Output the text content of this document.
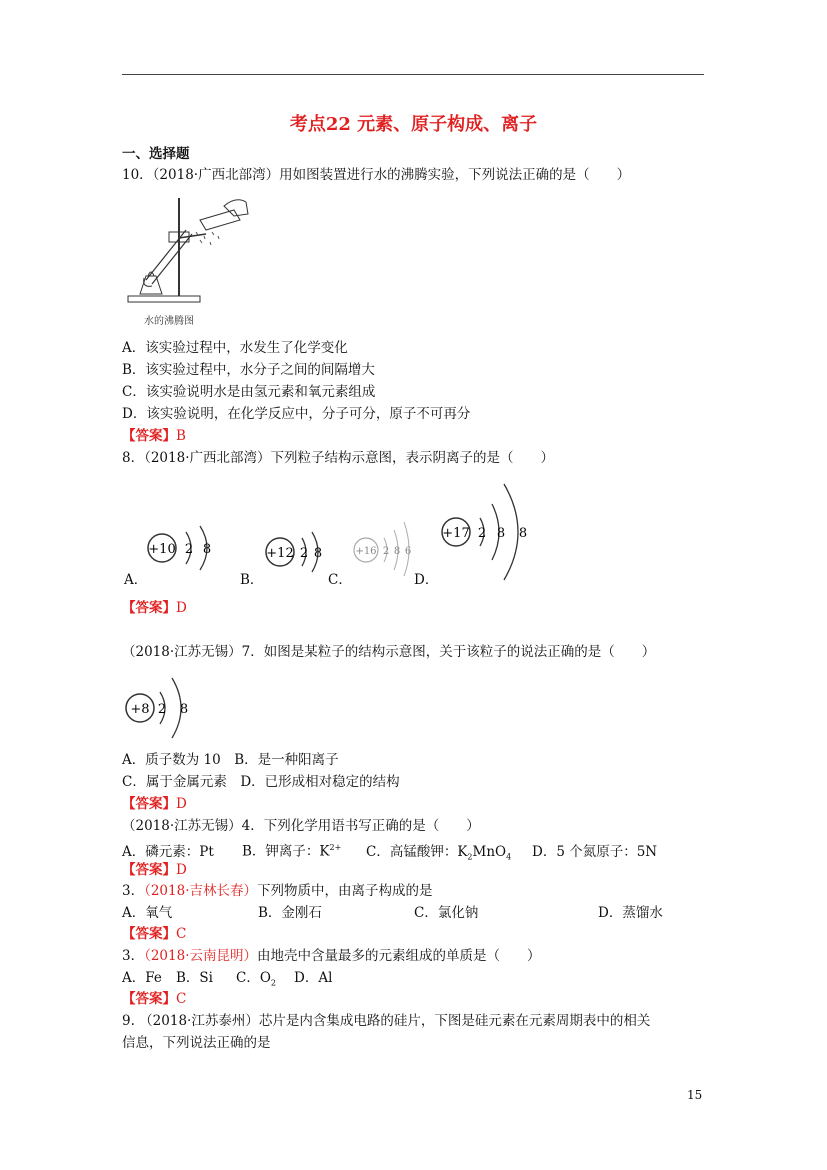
考点22 元素、原子构成、离子
一、选择题
10．（2018·广西北部湾）用如图装置进行水的沸腾实验，下列说法正确的是（　　）
水的沸腾图
A．该实验过程中，水发生了化学变化
B．该实验过程中，水分子之间的间隔增大
C．该实验说明水是由氢元素和氧元素组成
D．该实验说明，在化学反应中，分子可分，原子不可再分
【答案】B
8．（2018·广西北部湾）下列粒子结构示意图，表示阴离子的是（　　）
+10 2 8	+12 2 8	+16 2 8 6
+17 2 8 8
A．	B．	C．	D．
【答案】D
（2018·江苏无锡）7．如图是某粒子的结构示意图，关于该粒子的说法正确的是（　　）
+8 2 8
A．质子数为 10　B．是一种阳离子
C．属于金属元素　D．已形成相对稳定的结构
【答案】D
（2018·江苏无锡）4．下列化学用语书写正确的是（　　）
A．磷元素：Pt B．钾离子：$K^{2+}$ C．高锰酸钾：$K_2MnO_4$ D．5 个氮原子：5N
【答案】D
3．（2018·吉林长春）下列物质中，由离子构成的是
A．氧气	B．金刚石	C．氯化钠	D．蒸馏水
【答案】C
3．（2018·云南昆明）由地壳中含量最多的元素组成的单质是（　　）
A．Fe B．Si C．$O_2$ D．Al
【答案】C
9. （2018·江苏泰州）芯片是内含集成电路的硅片，下图是硅元素在元素周期表中的相关
信息，下列说法正确的是
15
